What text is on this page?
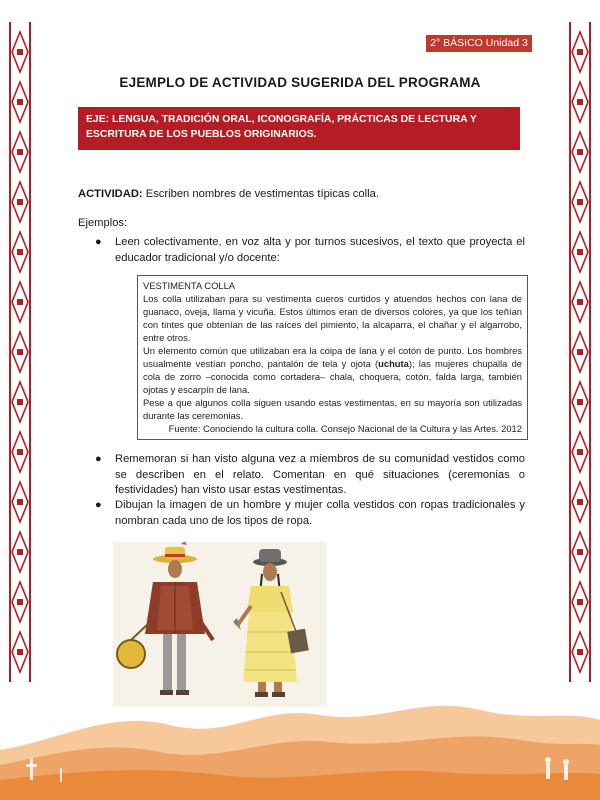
2° BÁSICO Unidad 3
EJEMPLO DE ACTIVIDAD SUGERIDA DEL PROGRAMA
EJE: LENGUA, TRADICIÓN ORAL, ICONOGRAFÍA, PRÁCTICAS DE LECTURA Y ESCRITURA DE LOS PUEBLOS ORIGINARIOS.
ACTIVIDAD: Escriben nombres de vestimentas típicas colla.
Ejemplos:
● Leen colectivamente, en voz alta y por turnos sucesivos, el texto que proyecta el educador tradicional y/o docente:

VESTIMENTA COLLA

Los colla utilizaban para su vestimenta cueros curtidos y atuendos hechos con lana de guanaco, oveja, llama y vicuña. Estos últimos eran de diversos colores, ya que los teñían con tintes que obtenían de las raíces del pimiento, la alcaparra, el chañar y el algarrobo, entre otros.

Un elemento común que utilizaban era la coipa de lana y el cotón de punto. Los hombres usualmente vestían poncho, pantalón de tela y ojota (uchuta); las mujeres chupalla de cola de zorro –conocida como cortadera– chala, choquera, cotón, falda larga, también ojotas y escarpín de lana.

Pese a que algunos colla siguen usando estas vestimentas, en su mayoría son utilizadas durante las ceremonias.

Fuente: Conociendo la cultura colla. Consejo Nacional de la Cultura y las Artes. 2012

● Rememoran si han visto alguna vez a miembros de su comunidad vestidos como se describen en el relato. Comentan en qué situaciones (ceremonias o festividades) han visto usar estas vestimentas.
● Dibujan la imagen de un hombre y mujer colla vestidos con ropas tradicionales y nombran cada uno de los tipos de ropa.
